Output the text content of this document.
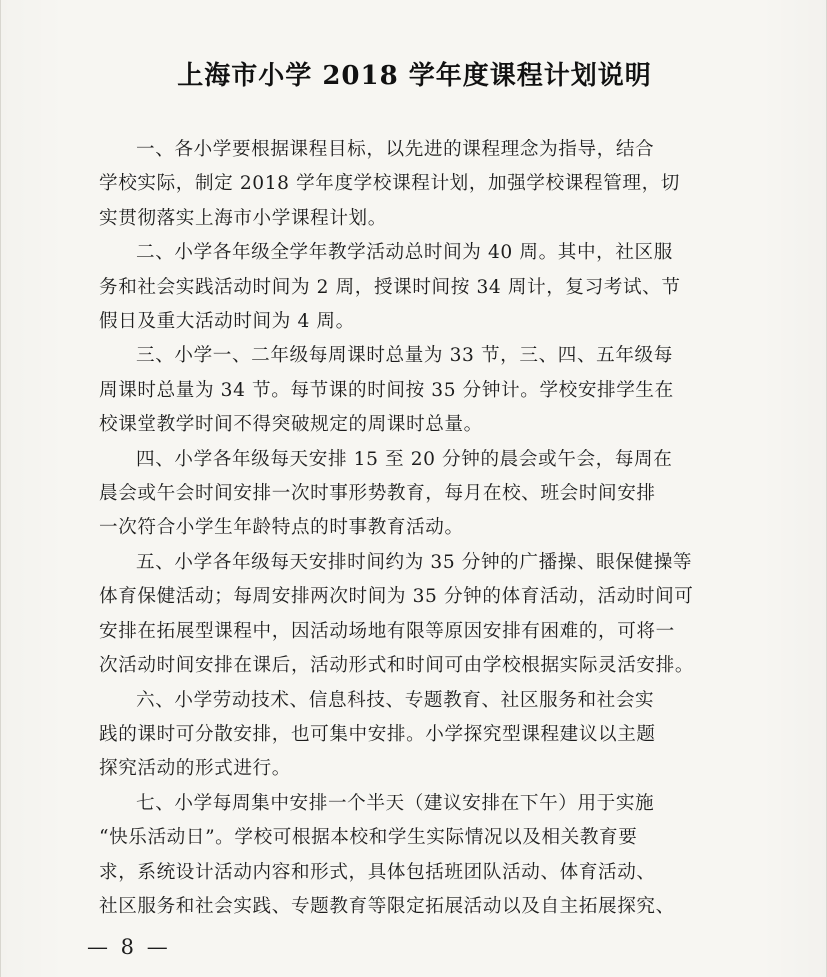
上海市小学 2018 学年度课程计划说明
一、各小学要根据课程目标，以先进的课程理念为指导，结合
学校实际，制定 2018 学年度学校课程计划，加强学校课程管理，切
实贯彻落实上海市小学课程计划。
二、小学各年级全学年教学活动总时间为 40 周。其中，社区服
务和社会实践活动时间为 2 周，授课时间按 34 周计，复习考试、节
假日及重大活动时间为 4 周。
三、小学一、二年级每周课时总量为 33 节，三、四、五年级每
周课时总量为 34 节。每节课的时间按 35 分钟计。学校安排学生在
校课堂教学时间不得突破规定的周课时总量。
四、小学各年级每天安排 15 至 20 分钟的晨会或午会，每周在
晨会或午会时间安排一次时事形势教育，每月在校、班会时间安排
一次符合小学生年龄特点的时事教育活动。
五、小学各年级每天安排时间约为 35 分钟的广播操、眼保健操等
体育保健活动；每周安排两次时间为 35 分钟的体育活动，活动时间可
安排在拓展型课程中，因活动场地有限等原因安排有困难的，可将一
次活动时间安排在课后，活动形式和时间可由学校根据实际灵活安排。
六、小学劳动技术、信息科技、专题教育、社区服务和社会实
践的课时可分散安排，也可集中安排。小学探究型课程建议以主题
探究活动的形式进行。
七、小学每周集中安排一个半天（建议安排在下午）用于实施
“快乐活动日”。学校可根据本校和学生实际情况以及相关教育要
求，系统设计活动内容和形式，具体包括班团队活动、体育活动、
社区服务和社会实践、专题教育等限定拓展活动以及自主拓展探究、
— 8 —
